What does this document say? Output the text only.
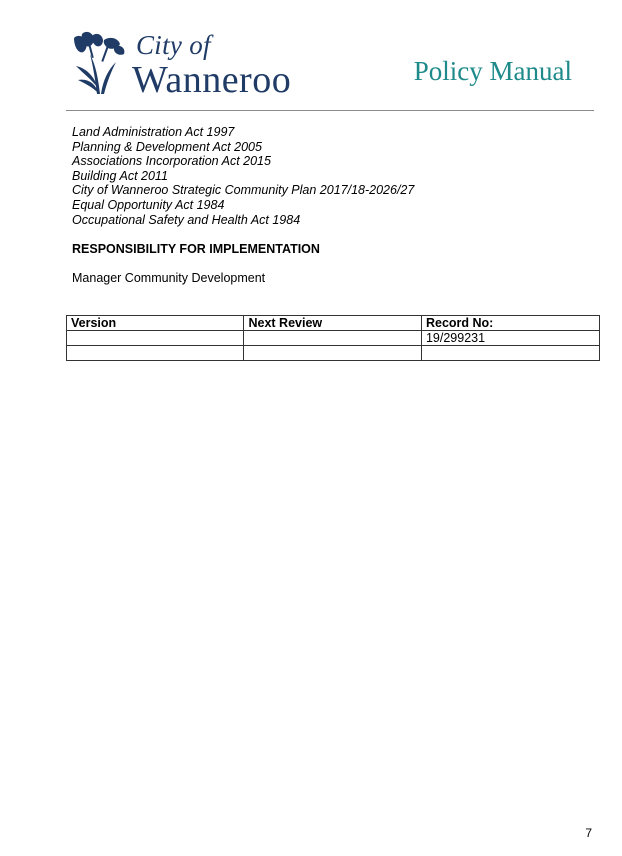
City of
Wanneroo	Policy Manual
Land Administration Act 1997
Planning & Development Act 2005
Associations Incorporation Act 2015
Building Act 2011
City of Wanneroo Strategic Community Plan 2017/18-2026/27
Equal Opportunity Act 1984
Occupational Safety and Health Act 1984
RESPONSIBILITY FOR IMPLEMENTATION
Manager Community Development
Version	Next Review	Record No:
		19/299231

7
